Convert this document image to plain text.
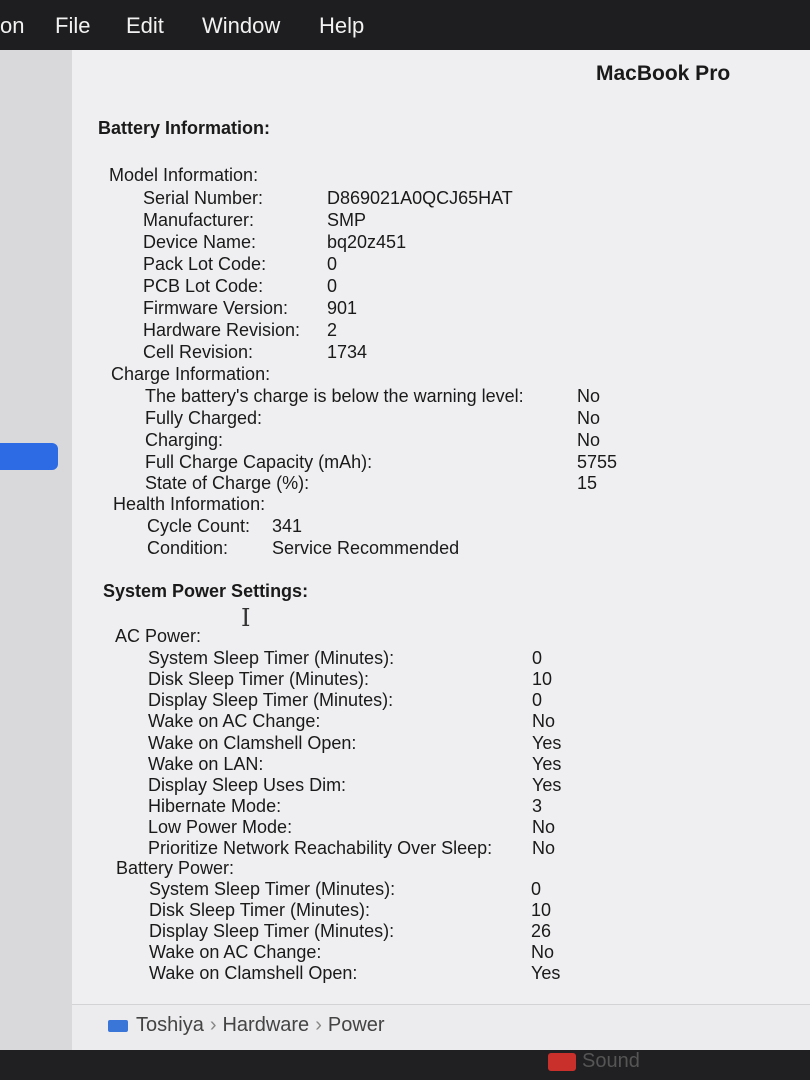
on File Edit Window Help
MacBook Pro
Battery Information:
Model Information:
Serial Number:	D869021A0QCJ65HAT
Manufacturer:	SMP
Device Name:	bq20z451
Pack Lot Code:	0
PCB Lot Code:	0
Firmware Version: 901
Hardware Revision: 2
Cell Revision:	1734
Charge Information:
The battery's charge is below the warning level:	No
Fully Charged:	No
Charging:	No
Full Charge Capacity (mAh):	5755
State of Charge (%):	15
Health Information:
Cycle Count: 341
Condition: Service Recommended
System Power Settings:
I
AC Power:
System Sleep Timer (Minutes):	0
Disk Sleep Timer (Minutes):	10
Display Sleep Timer (Minutes):	0
Wake on AC Change:	No
Wake on Clamshell Open:	Yes
Wake on LAN:	Yes
Display Sleep Uses Dim:	Yes
Hibernate Mode:	3
Low Power Mode:	No
Prioritize Network Reachability Over Sleep: No
Battery Power:
System Sleep Timer (Minutes):	0
Disk Sleep Timer (Minutes):	10
Display Sleep Timer (Minutes):	26
Wake on AC Change:	No
Wake on Clamshell Open:	Yes
Toshiya › Hardware › Power
Sound
